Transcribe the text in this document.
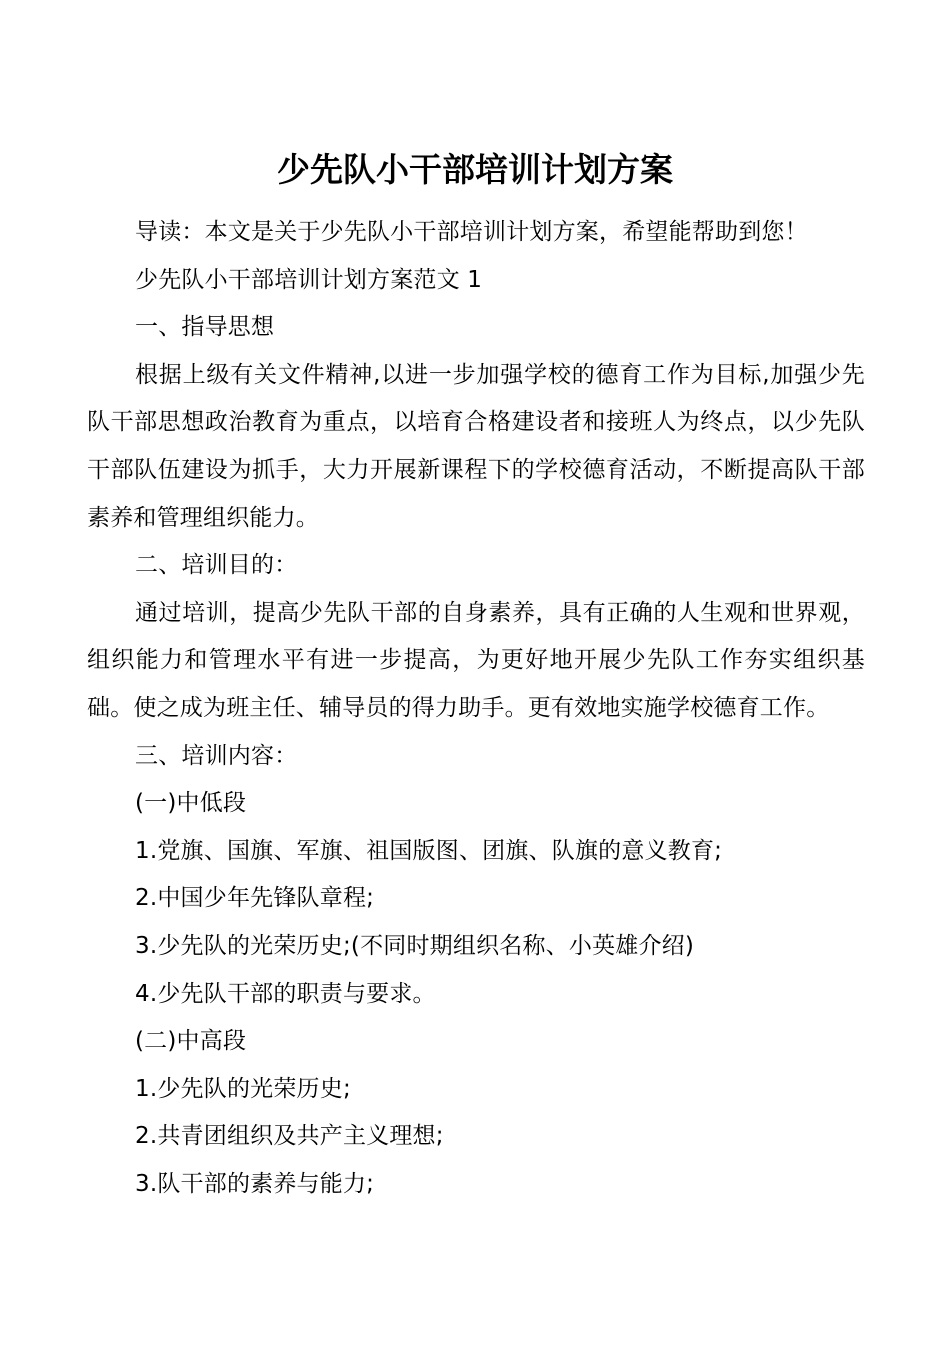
少先队小干部培训计划方案

导读：本文是关于少先队小干部培训计划方案，希望能帮助到您！

少先队小干部培训计划方案范文 1

一、指导思想

根据上级有关文件精神,以进一步加强学校的德育工作为目标,加强少先队干部思想政治教育为重点，以培育合格建设者和接班人为终点，以少先队干部队伍建设为抓手，大力开展新课程下的学校德育活动，不断提高队干部素养和管理组织能力。

二、培训目的：

通过培训，提高少先队干部的自身素养，具有正确的人生观和世界观，组织能力和管理水平有进一步提高，为更好地开展少先队工作夯实组织基础。使之成为班主任、辅导员的得力助手。更有效地实施学校德育工作。

三、培训内容：

(一)中低段

1.党旗、国旗、军旗、祖国版图、团旗、队旗的意义教育;

2.中国少年先锋队章程;

3.少先队的光荣历史;(不同时期组织名称、小英雄介绍)

4.少先队干部的职责与要求。

(二)中高段

1.少先队的光荣历史;

2.共青团组织及共产主义理想;

3.队干部的素养与能力;
